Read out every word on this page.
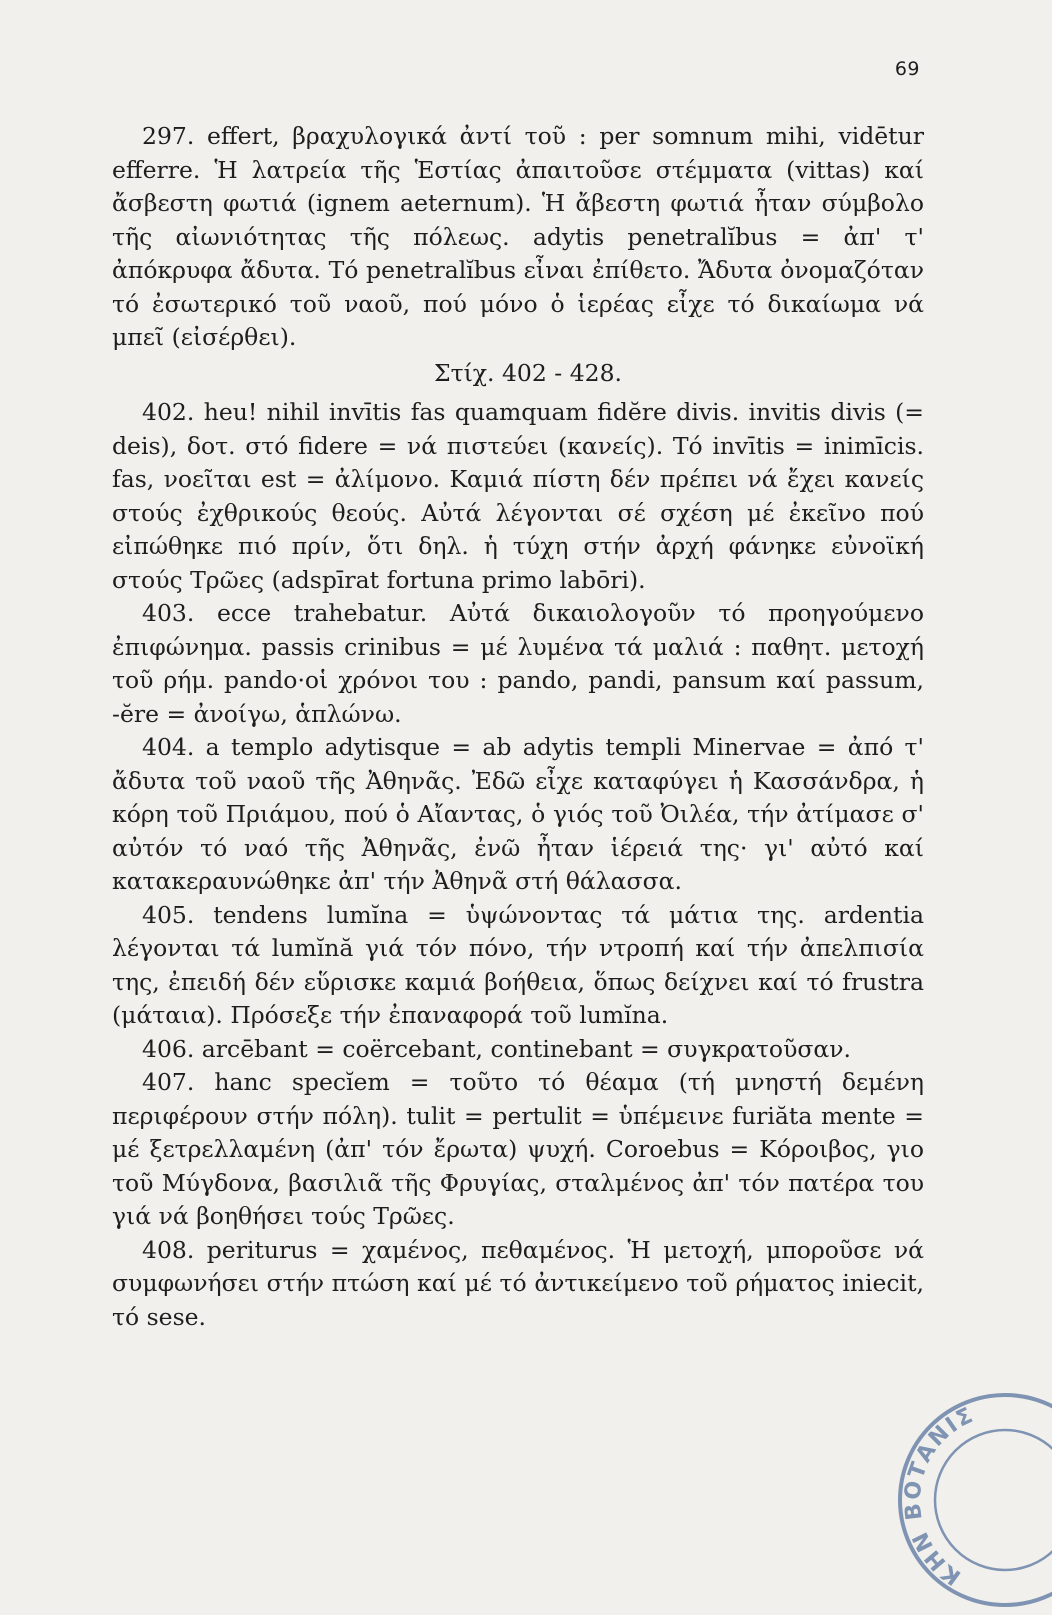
69

297. effert, βραχυλογικά ἀντί τοῦ : per somnum mihi, vidētur efferre. Ἡ λατρεία τῆς Ἑστίας ἀπαιτοῦσε στέμματα (vittas) καί ἄσβεστη φωτιά (ignem aeternum). Ἡ ἄβεστη φωτιά ἦταν σύμβολο τῆς αἰωνιότητας τῆς πόλεως. adytis penetralĭbus = ἀπ' τ' ἀπόκρυφα ἄδυτα. Τό penetralĭbus εἶναι ἐπίθετο. Ἄδυτα ὀνομαζόταν τό ἐσωτερικό τοῦ ναοῦ, πού μόνο ὁ ἱερέας εἶχε τό δικαίωμα νά μπεῖ (εἰσέρθει).

Στίχ. 402 - 428.

402. heu! nihil invītis fas quamquam fidĕre divis. invitis divis (= deis), δοτ. στό fidere = νά πιστεύει (κανείς). Τό invītis = inimīcis. fas, νοεῖται est = ἀλίμονο. Καμιά πίστη δέν πρέπει νά ἔχει κανείς στούς ἐχθρικούς θεούς. Αὐτά λέγονται σέ σχέση μέ ἐκεῖνο πού εἰπώθηκε πιό πρίν, ὅτι δηλ. ἡ τύχη στήν ἀρχή φάνηκε εὐνοϊκή στούς Τρῶες (adspīrat fortuna primo labōri).

403. ecce trahebatur. Αὐτά δικαιολογοῦν τό προηγούμενο ἐπιφώνημα. passis crinibus = μέ λυμένα τά μαλιά : παθητ. μετοχή τοῦ ρήμ. pando·οἱ χρόνοι του : pando, pandi, pansum καί passum, -ĕre = ἀνοίγω, ἁπλώνω.

404. a templo adytisque = ab adytis templi Minervae = ἀπό τ' ἄδυτα τοῦ ναοῦ τῆς Ἀθηνᾶς. Ἐδῶ εἶχε καταφύγει ἡ Κασσάνδρα, ἡ κόρη τοῦ Πριάμου, πού ὁ Αἴαντας, ὁ γιός τοῦ Ὀιλέα, τήν ἀτίμασε σ' αὐτόν τό ναό τῆς Ἀθηνᾶς, ἐνῶ ἦταν ἱέρειά της· γι' αὐτό καί κατακεραυνώθηκε ἀπ' τήν Ἀθηνᾶ στή θάλασσα.

405. tendens lumĭna = ὑψώνοντας τά μάτια της. ardentia λέγονται τά lumĭnă γιά τόν πόνο, τήν ντροπή καί τήν ἀπελπισία της, ἐπειδή δέν εὕρισκε καμιά βοήθεια, ὅπως δείχνει καί τό frustra (μάταια). Πρόσεξε τήν ἐπαναφορά τοῦ lumĭna.

406. arcēbant = coërcebant, continebant = συγκρατοῦσαν.

407. hanc specĭem = τοῦτο τό θέαμα (τή μνηστή δεμένη περιφέρουν στήν πόλη). tulit = pertulit = ὑπέμεινε furiăta mente = μέ ξετρελλαμένη (ἀπ' τόν ἔρωτα) ψυχή. Coroebus = Κόροιβος, γιο τοῦ Μύγδονα, βασιλιᾶ τῆς Φρυγίας, σταλμένος ἀπ' τόν πατέρα του γιά νά βοηθήσει τούς Τρῶες.

408. periturus = χαμένος, πεθαμένος. Ἡ μετοχή, μποροῦσε νά συμφωνήσει στήν πτώση καί μέ τό ἀντικείμενο τοῦ ρήματος iniecit, τό sese.

ΚΗΝ ΒΟΤΑΝΙΣ
